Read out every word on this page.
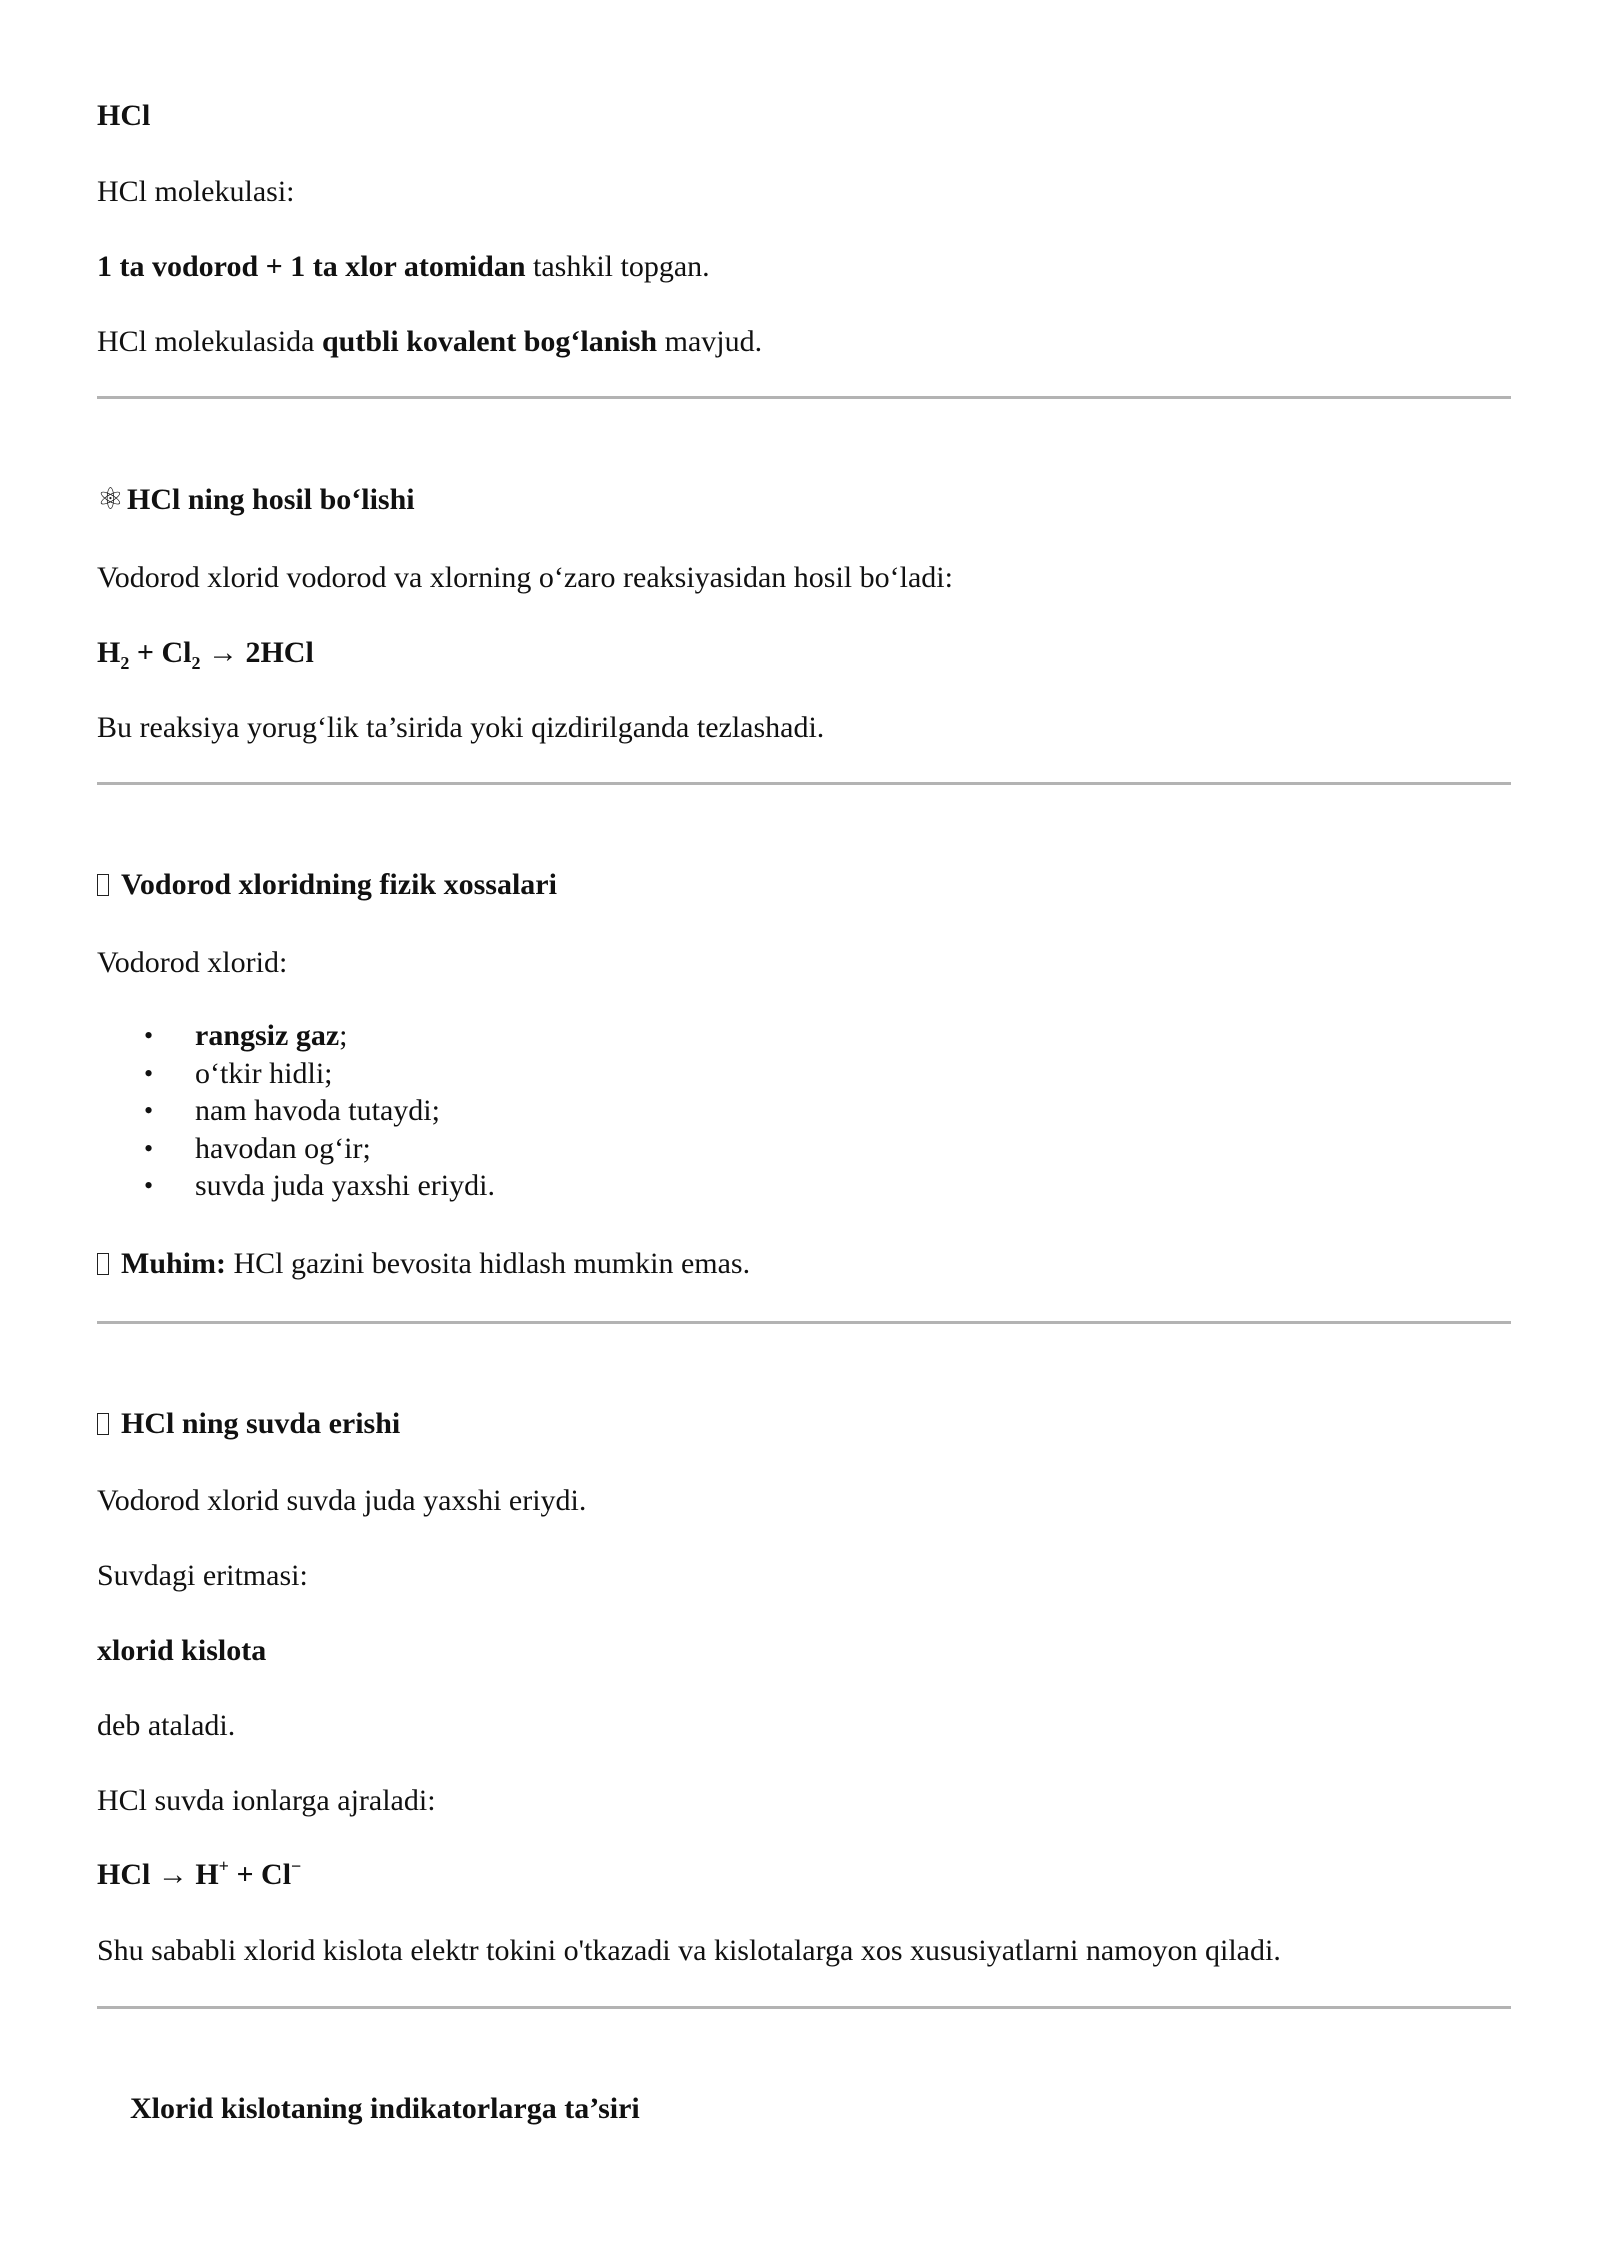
HCl
HCl molekulasi:
1 ta vodorod + 1 ta xlor atomidan tashkil topgan.
HCl molekulasida qutbli kovalent bog‘lanish mavjud.
⚛ HCl ning hosil bo‘lishi
Vodorod xlorid vodorod va xlorning o‘zaro reaksiyasidan hosil bo‘ladi:
$H_2 + Cl_2 \to 2HCl$
Bu reaksiya yorug‘lik ta’sirida yoki qizdirilganda tezlashadi.
Vodorod xloridning fizik xossalari
Vodorod xlorid:
• rangsiz gaz;
• o‘tkir hidli;
• nam havoda tutaydi;
• havodan og‘ir;
• suvda juda yaxshi eriydi.
Muhim: HCl gazini bevosita hidlash mumkin emas.
HCl ning suvda erishi
Vodorod xlorid suvda juda yaxshi eriydi.
Suvdagi eritmasi:
xlorid kislota
deb ataladi.
HCl suvda ionlarga ajraladi:
HCl → H+ + Cl−
Shu sababli xlorid kislota elektr tokini o'tkazadi va kislotalarga xos xususiyatlarni namoyon qiladi.
Xlorid kislotaning indikatorlarga ta’siri
